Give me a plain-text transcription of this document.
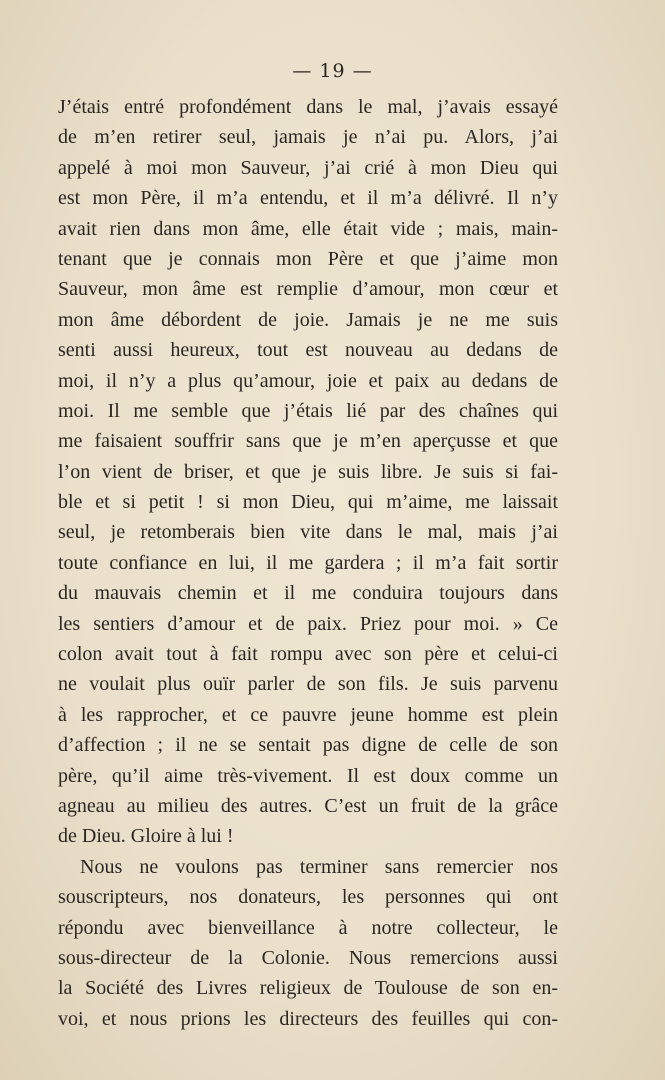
— 19 —
J’étais entré profondément dans le mal, j’avais essayé
de m’en retirer seul, jamais je n’ai pu. Alors, j’ai
appelé à moi mon Sauveur, j’ai crié à mon Dieu qui
est mon Père, il m’a entendu, et il m’a délivré. Il n’y
avait rien dans mon âme, elle était vide ; mais, main-
tenant que je connais mon Père et que j’aime mon
Sauveur, mon âme est remplie d’amour, mon cœur et
mon âme débordent de joie. Jamais je ne me suis
senti aussi heureux, tout est nouveau au dedans de
moi, il n’y a plus qu’amour, joie et paix au dedans de
moi. Il me semble que j’étais lié par des chaînes qui
me faisaient souffrir sans que je m’en aperçusse et que
l’on vient de briser, et que je suis libre. Je suis si fai-
ble et si petit ! si mon Dieu, qui m’aime, me laissait
seul, je retomberais bien vite dans le mal, mais j’ai
toute confiance en lui, il me gardera ; il m’a fait sortir
du mauvais chemin et il me conduira toujours dans
les sentiers d’amour et de paix. Priez pour moi. » Ce
colon avait tout à fait rompu avec son père et celui-ci
ne voulait plus ouïr parler de son fils. Je suis parvenu
à les rapprocher, et ce pauvre jeune homme est plein
d’affection ; il ne se sentait pas digne de celle de son
père, qu’il aime très-vivement. Il est doux comme un
agneau au milieu des autres. C’est un fruit de la grâce
de Dieu. Gloire à lui !
Nous ne voulons pas terminer sans remercier nos
souscripteurs, nos donateurs, les personnes qui ont
répondu avec bienveillance à notre collecteur, le
sous-directeur de la Colonie. Nous remercions aussi
la Société des Livres religieux de Toulouse de son en-
voi, et nous prions les directeurs des feuilles qui con-
